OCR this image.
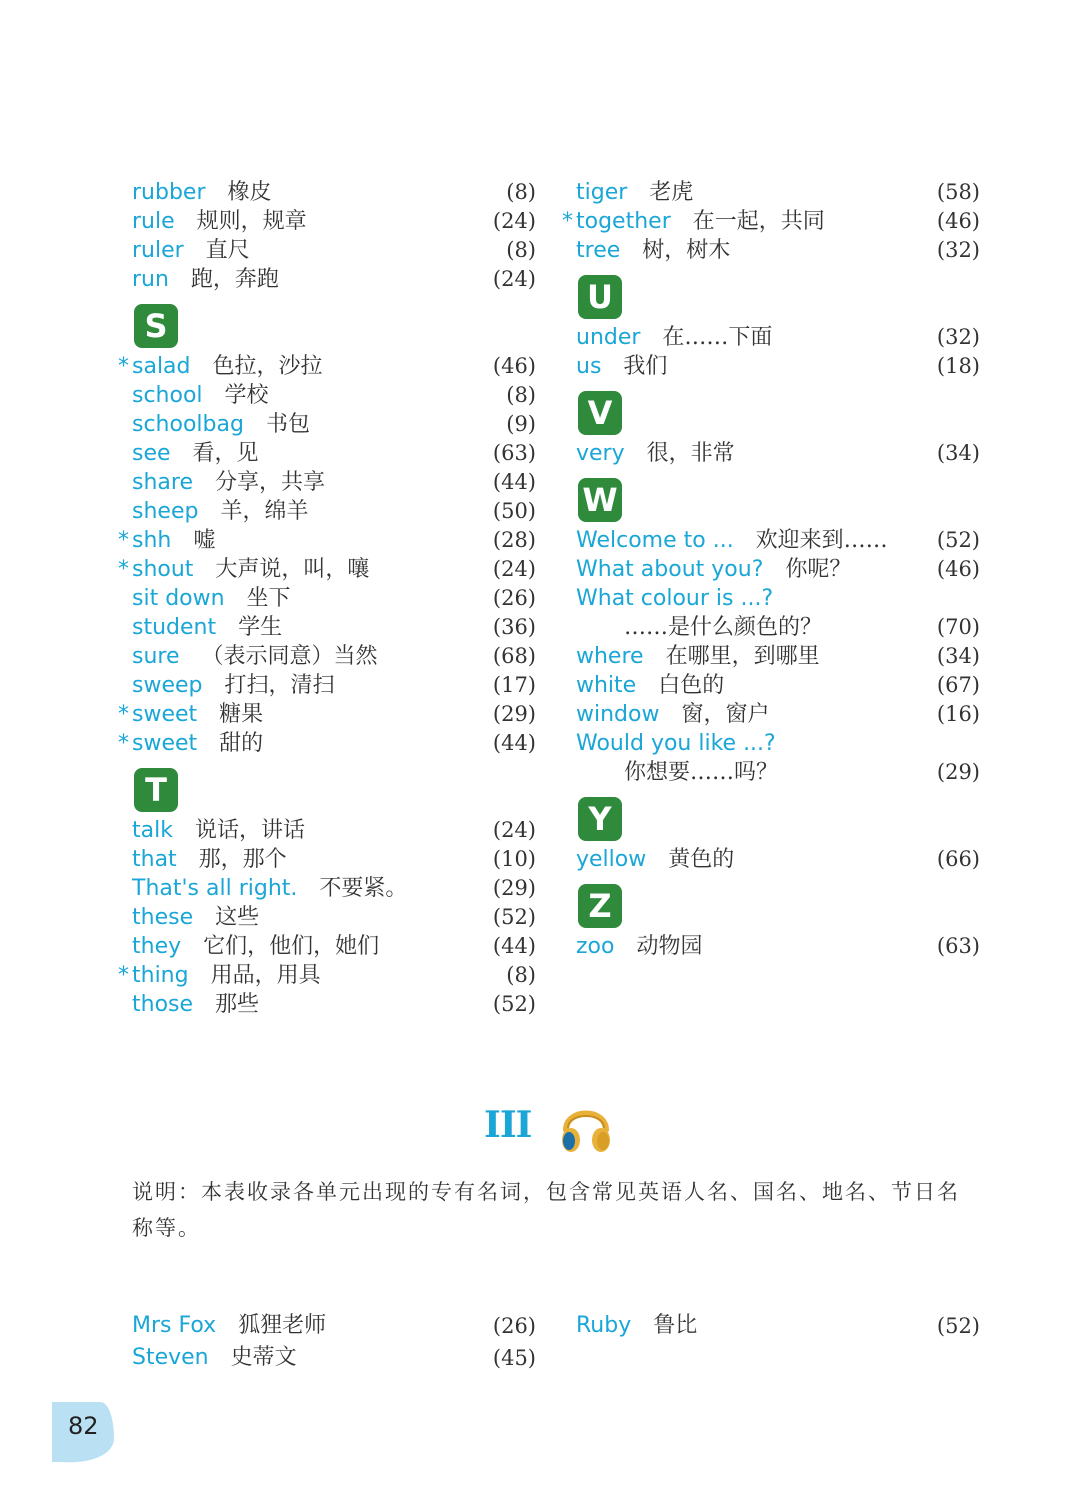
rubber 橡皮	(8)
rule 规则，规章	(24)
ruler 直尺	(8)
run 跑，奔跑	(24)
S
* salad 色拉，沙拉	(46)
school 学校	(8)
schoolbag 书包	(9)
see 看，见	(63)
share 分享，共享	(44)
sheep 羊，绵羊	(50)
* shh 嘘	(28)
* shout 大声说，叫，嚷	(24)
sit down 坐下	(26)
student 学生	(36)
sure （表示同意）当然	(68)
sweep 打扫，清扫	(17)
* sweet 糖果	(29)
* sweet 甜的	(44)
T
talk 说话，讲话	(24)
that 那，那个	(10)
That's all right. 不要紧。	(29)
these 这些	(52)
they 它们，他们，她们	(44)
* thing 用品，用具	(8)
those 那些	(52)
tiger 老虎	(58)
* together 在一起，共同	(46)
tree 树，树木	(32)
U
under 在……下面	(32)
us 我们	(18)
V
very 很，非常	(34)
W
Welcome to ... 欢迎来到…… (52)
What about you? 你呢？	(46)
What colour is ...?
……是什么颜色的？	(70)
where 在哪里，到哪里	(34)
white 白色的	(67)
window 窗，窗户	(16)
Would you like ...?
你想要……吗？	(29)
Y
yellow 黄色的	(66)
Z
zoo 动物园	(63)
III
说明：本表收录各单元出现的专有名词，包含常见英语人名、国名、地名、节日名称等。
Mrs Fox 狐狸老师	(26)
Steven 史蒂文	(45)
Ruby 鲁比	(52)
82
